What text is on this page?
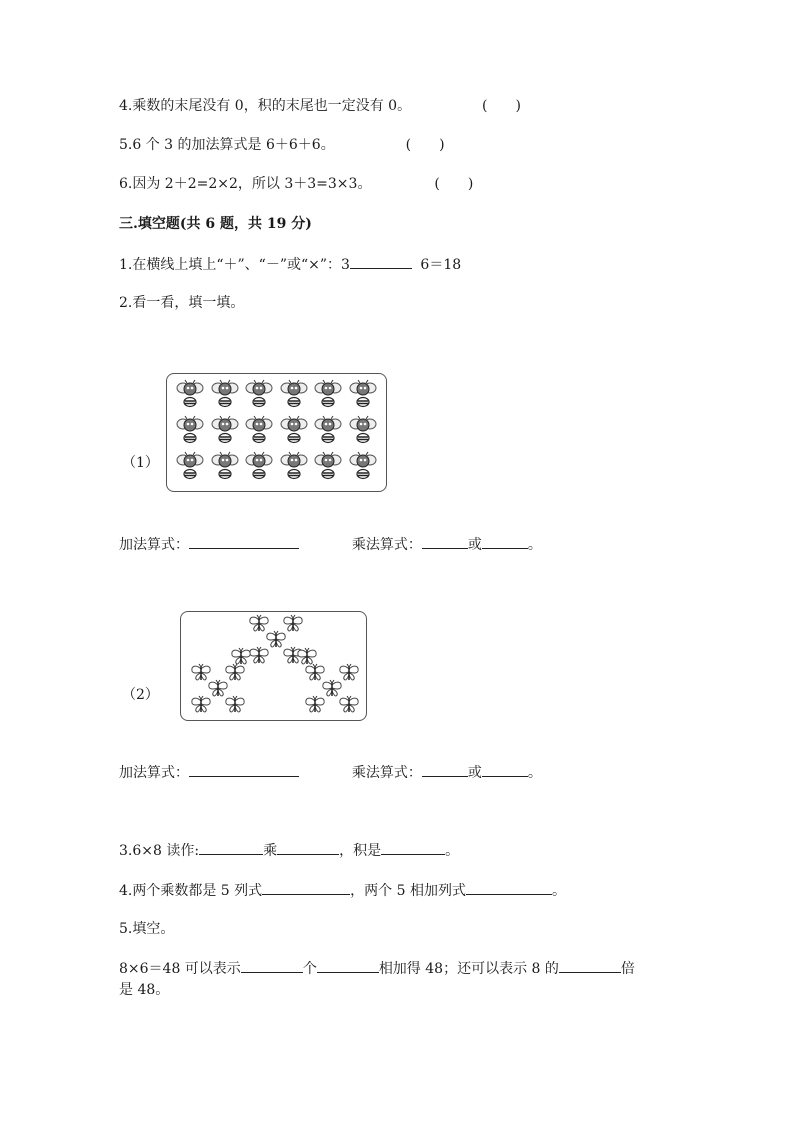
4.乘数的末尾没有 0，积的末尾也一定没有 0。	(　　)
5.6 个 3 的加法算式是 6＋6＋6。	(　　)
6.因为 2＋2=2×2，所以 3＋3=3×3。	(　　)
三.填空题(共 6 题，共 19 分)
1.在横线上填上“＋”、“－”或“×”：3	6＝18
2.看一看，填一填。
（1）
加法算式：	乘法算式：	或	。
（2）
加法算式：	乘法算式：	或	。
3.6×8 读作:	乘	，积是	。
4.两个乘数都是 5 列式	，两个 5 相加列式	。
5.填空。
8×6＝48 可以表示	个	相加得 48；还可以表示 8 的	倍
是 48。
